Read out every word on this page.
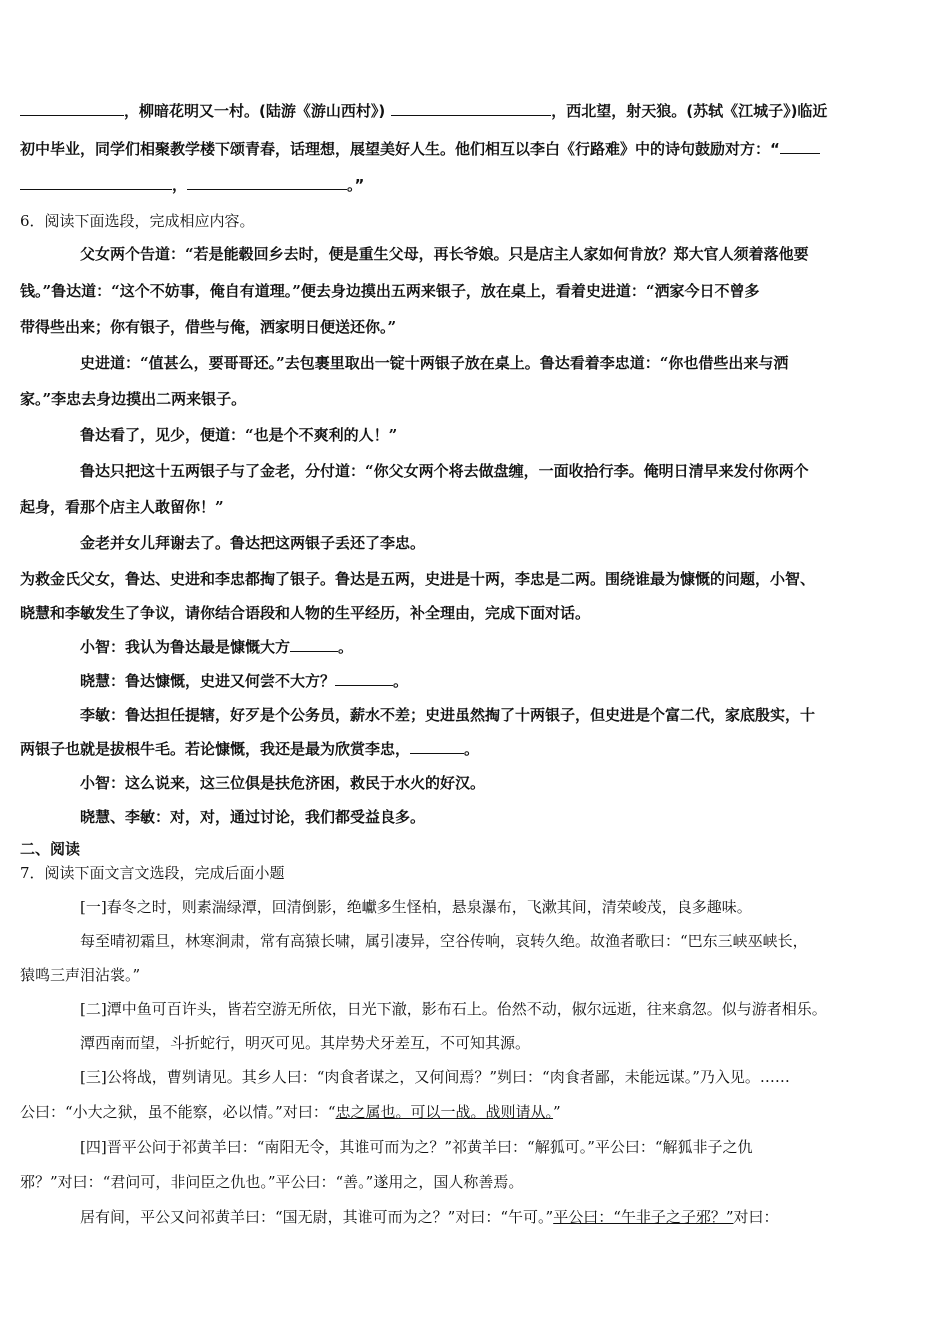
，柳暗花明又一村。(陆游《游山西村》)	，西北望，射天狼。(苏轼《江城子》)临近
初中毕业，同学们相聚教学楼下颂青春，话理想，展望美好人生。他们相互以李白《行路难》中的诗句鼓励对方：“
，	。”
6．阅读下面选段，完成相应内容。
父女两个告道：“若是能毂回乡去时，便是重生父母，再长爷娘。只是店主人家如何肯放？郑大官人须着落他要
钱。”鲁达道：“这个不妨事，俺自有道理。”便去身边摸出五两来银子，放在桌上，看着史进道：“洒家今日不曾多
带得些出来；你有银子，借些与俺，洒家明日便送还你。”
史进道：“值甚么，要哥哥还。”去包裹里取出一锭十两银子放在桌上。鲁达看着李忠道：“你也借些出来与洒
家。”李忠去身边摸出二两来银子。
鲁达看了，见少，便道：“也是个不爽利的人！”
鲁达只把这十五两银子与了金老，分付道：“你父女两个将去做盘缠，一面收拾行李。俺明日清早来发付你两个
起身，看那个店主人敢留你！”
金老并女儿拜谢去了。鲁达把这两银子丢还了李忠。
为救金氏父女，鲁达、史进和李忠都掏了银子。鲁达是五两，史进是十两，李忠是二两。围绕谁最为慷慨的问题，小智、
晓慧和李敏发生了争议，请你结合语段和人物的生平经历，补全理由，完成下面对话。
小智：我认为鲁达最是慷慨大方	。
晓慧：鲁达慷慨，史进又何尝不大方？	。
李敏：鲁达担任提辖，好歹是个公务员，薪水不差；史进虽然掏了十两银子，但史进是个富二代，家底殷实，十
两银子也就是拔根牛毛。若论慷慨，我还是最为欣赏李忠，	。
小智：这么说来，这三位俱是扶危济困，救民于水火的好汉。
晓慧、李敏：对，对，通过讨论，我们都受益良多。
二、阅读
7．阅读下面文言文选段，完成后面小题
[一]春冬之时，则素湍绿潭，回清倒影，绝巘多生怪柏，悬泉瀑布，飞漱其间，清荣峻茂，良多趣味。
每至晴初霜旦，林寒涧肃，常有高猿长啸，属引凄异，空谷传响，哀转久绝。故渔者歌曰：“巴东三峡巫峡长，
猿鸣三声泪沾裳。”
[二]潭中鱼可百许头，皆若空游无所依，日光下澈，影布石上。佁然不动，俶尔远逝，往来翕忽。似与游者相乐。
潭西南而望，斗折蛇行，明灭可见。其岸势犬牙差互，不可知其源。
[三]公将战，曹刿请见。其乡人曰：“肉食者谋之，又何间焉？”刿曰：“肉食者鄙，未能远谋。”乃入见。……
公曰：“小大之狱，虽不能察，必以情。”对曰：“忠之属也。可以一战。战则请从。”
[四]晋平公问于祁黄羊曰：“南阳无令，其谁可而为之？”祁黄羊曰：“解狐可。”平公曰：“解狐非子之仇
邪？”对曰：“君问可，非问臣之仇也。”平公曰：“善。”遂用之，国人称善焉。
居有间，平公又问祁黄羊曰：“国无尉，其谁可而为之？”对曰：“午可。”平公曰：“午非子之子邪？”对曰：
